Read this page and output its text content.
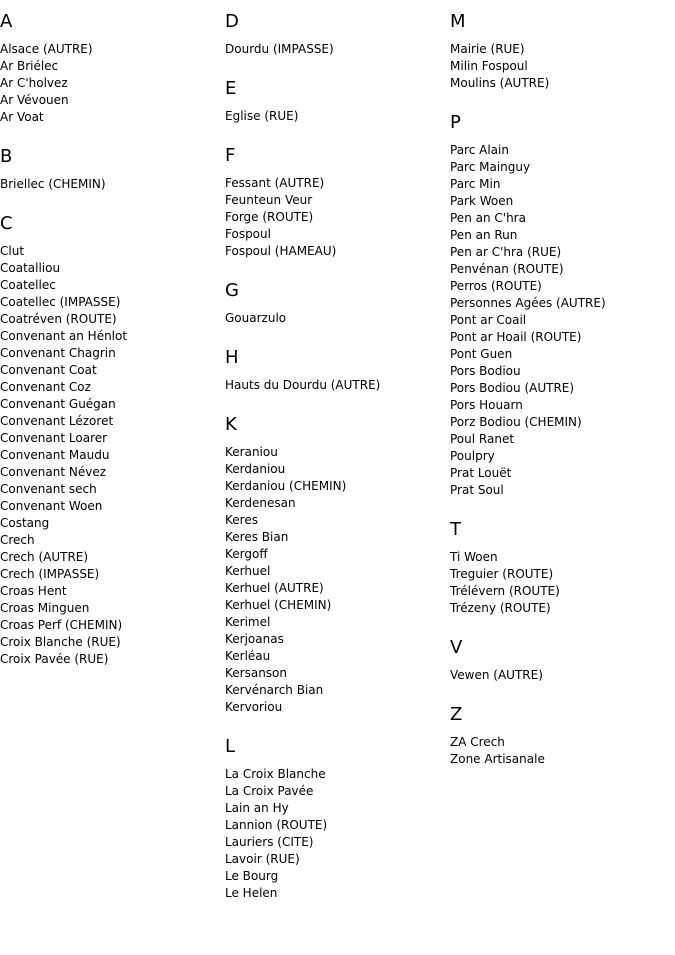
A
Alsace (AUTRE)
Ar Briélec
Ar C'holvez
Ar Vévouen
Ar Voat
B
Briellec (CHEMIN)
C
Clut
Coatalliou
Coatellec
Coatellec (IMPASSE)
Coatréven (ROUTE)
Convenant an Hénlot
Convenant Chagrin
Convenant Coat
Convenant Coz
Convenant Guégan
Convenant Lézoret
Convenant Loarer
Convenant Maudu
Convenant Névez
Convenant sech
Convenant Woen
Costang
Crech
Crech (AUTRE)
Crech (IMPASSE)
Croas Hent
Croas Minguen
Croas Perf (CHEMIN)
Croix Blanche (RUE)
Croix Pavée (RUE)
D
Dourdu (IMPASSE)
E
Eglise (RUE)
F
Fessant (AUTRE)
Feunteun Veur
Forge (ROUTE)
Fospoul
Fospoul (HAMEAU)
G
Gouarzulo
H
Hauts du Dourdu (AUTRE)
K
Keraniou
Kerdaniou
Kerdaniou (CHEMIN)
Kerdenesan
Keres
Keres Bian
Kergoff
Kerhuel
Kerhuel (AUTRE)
Kerhuel (CHEMIN)
Kerimel
Kerjoanas
Kerléau
Kersanson
Kervénarch Bian
Kervoriou
L
La Croix Blanche
La Croix Pavée
Lain an Hy
Lannion (ROUTE)
Lauriers (CITE)
Lavoir (RUE)
Le Bourg
Le Helen
M
Mairie (RUE)
Milin Fospoul
Moulins (AUTRE)
P
Parc Alain
Parc Mainguy
Parc Min
Park Woen
Pen an C'hra
Pen an Run
Pen ar C'hra (RUE)
Penvénan (ROUTE)
Perros (ROUTE)
Personnes Agées (AUTRE)
Pont ar Coail
Pont ar Hoail (ROUTE)
Pont Guen
Pors Bodiou
Pors Bodiou (AUTRE)
Pors Houarn
Porz Bodiou (CHEMIN)
Poul Ranet
Poulpry
Prat Louët
Prat Soul
T
Ti Woen
Treguier (ROUTE)
Trélévern (ROUTE)
Trézeny (ROUTE)
V
Vewen (AUTRE)
Z
ZA Crech
Zone Artisanale
